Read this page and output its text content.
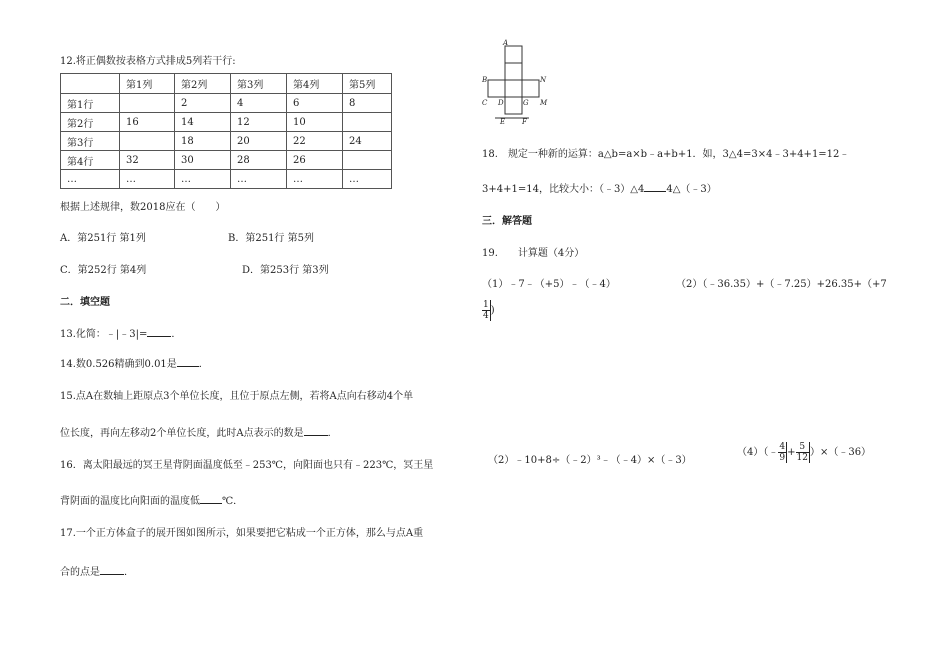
12.将正偶数按表格方式排成5列若干行:
	第1列	第2列	第3列	第4列	第5列
第1行		2	4	6	8
第2行	16	14	12	10	
第3行		18	20	22	24
第4行	32	30	28	26	
…	…	…	…	…	…
根据上述规律，数2018应在（　　）
A．第251行 第1列	B．第251行 第5列
C．第252行 第4列	D．第253行 第3列
二．填空题
13.化简：﹣|﹣3|= ．
14.数0.526精确到0.01是 ．
15.点A在数轴上距原点3个单位长度，且位于原点左侧，若将A点向右移动4个单
位长度，再向左移动2个单位长度，此时A点表示的数是 ．
16．离太阳最远的冥王星背阴面温度低至﹣253℃，向阳面也只有﹣223℃，冥王星
背阴面的温度比向阳面的温度低 ℃．
17.一个正方体盒子的展开图如图所示，如果要把它粘成一个正方体，那么与点A重
合的点是 ．
A
B	N
C D	G M
E F
18.　规定一种新的运算：a△b=a×b﹣a+b+1．如，3△4=3×4﹣3+4+1=12﹣
3+4+1=14，比较大小：（﹣3）△4 4△（﹣3）
三．解答题
19.　　计算题（4分）
（1）﹣7﹣（+5）﹣（﹣4）	（2）（﹣36.35）+（﹣7.25）+26.35+（+7
$\frac{1}{4}$ )
（2）﹣10+8÷（﹣2）³﹣（﹣4）×（﹣3）
（4）（﹣ $\frac{4}{9} + \frac{5}{12}$ ）×（﹣36）
